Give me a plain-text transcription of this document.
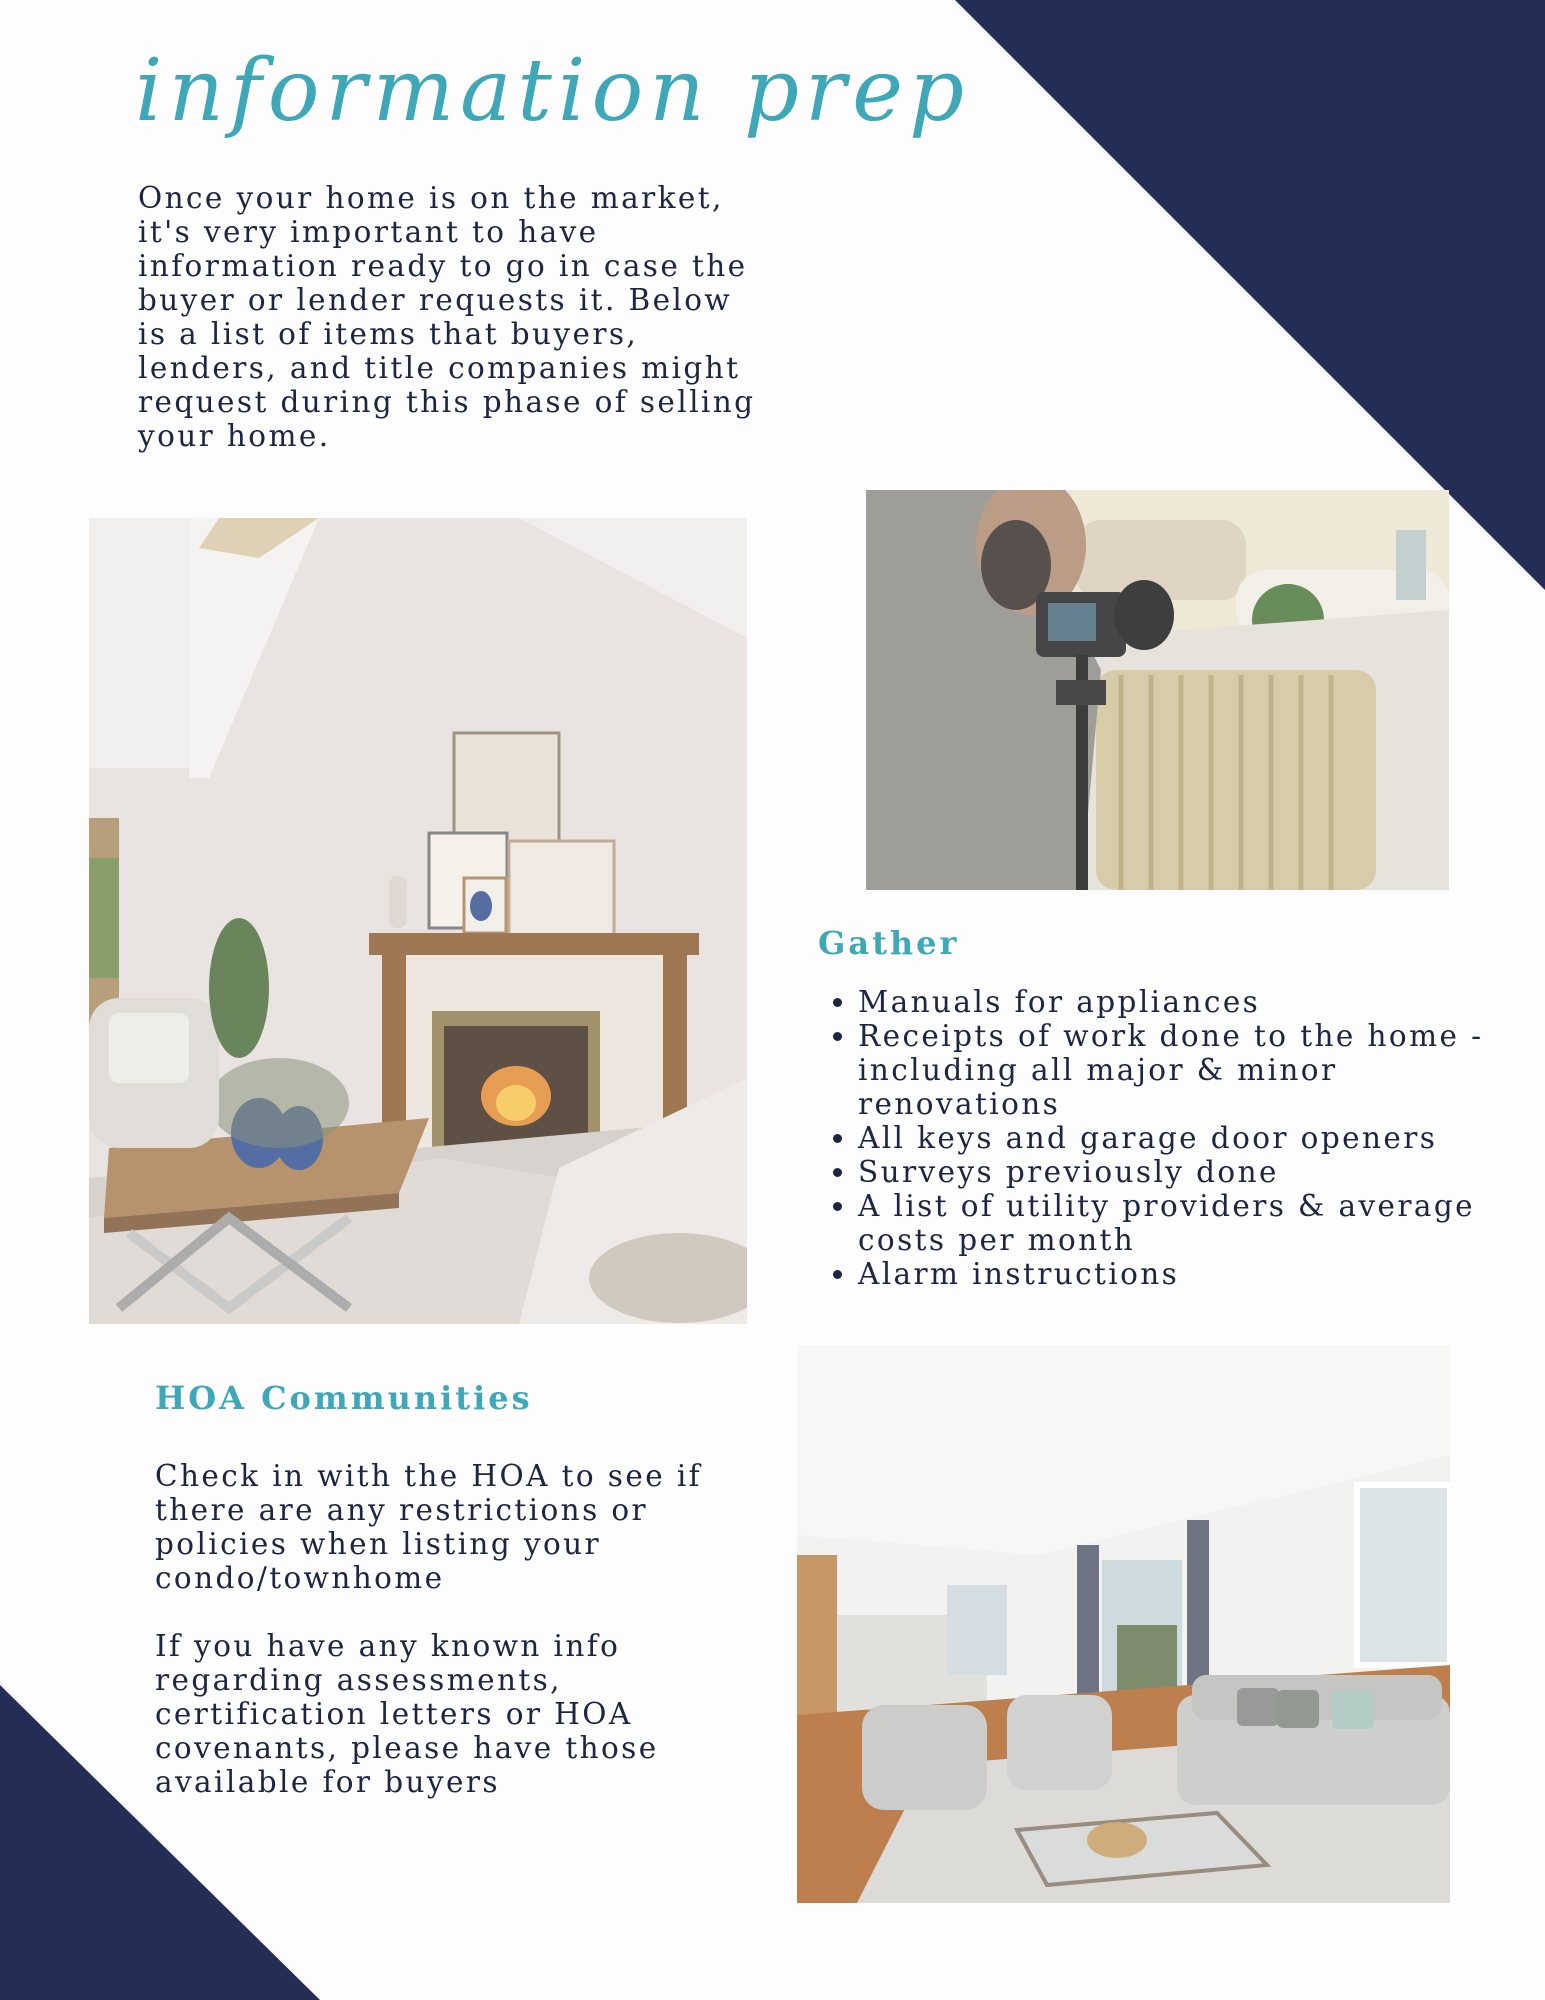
information prep

Once your home is on the market, it's very important to have information ready to go in case the buyer or lender requests it. Below is a list of items that buyers, lenders, and title companies might request during this phase of selling your home.

Gather
• Manuals for appliances
• Receipts of work done to the home - including all major & minor renovations
• All keys and garage door openers
• Surveys previously done
• A list of utility providers & average costs per month
• Alarm instructions
HOA Communities

Check in with the HOA to see if there are any restrictions or policies when listing your condo/townhome

If you have any known info regarding assessments, certification letters or HOA covenants, please have those available for buyers
